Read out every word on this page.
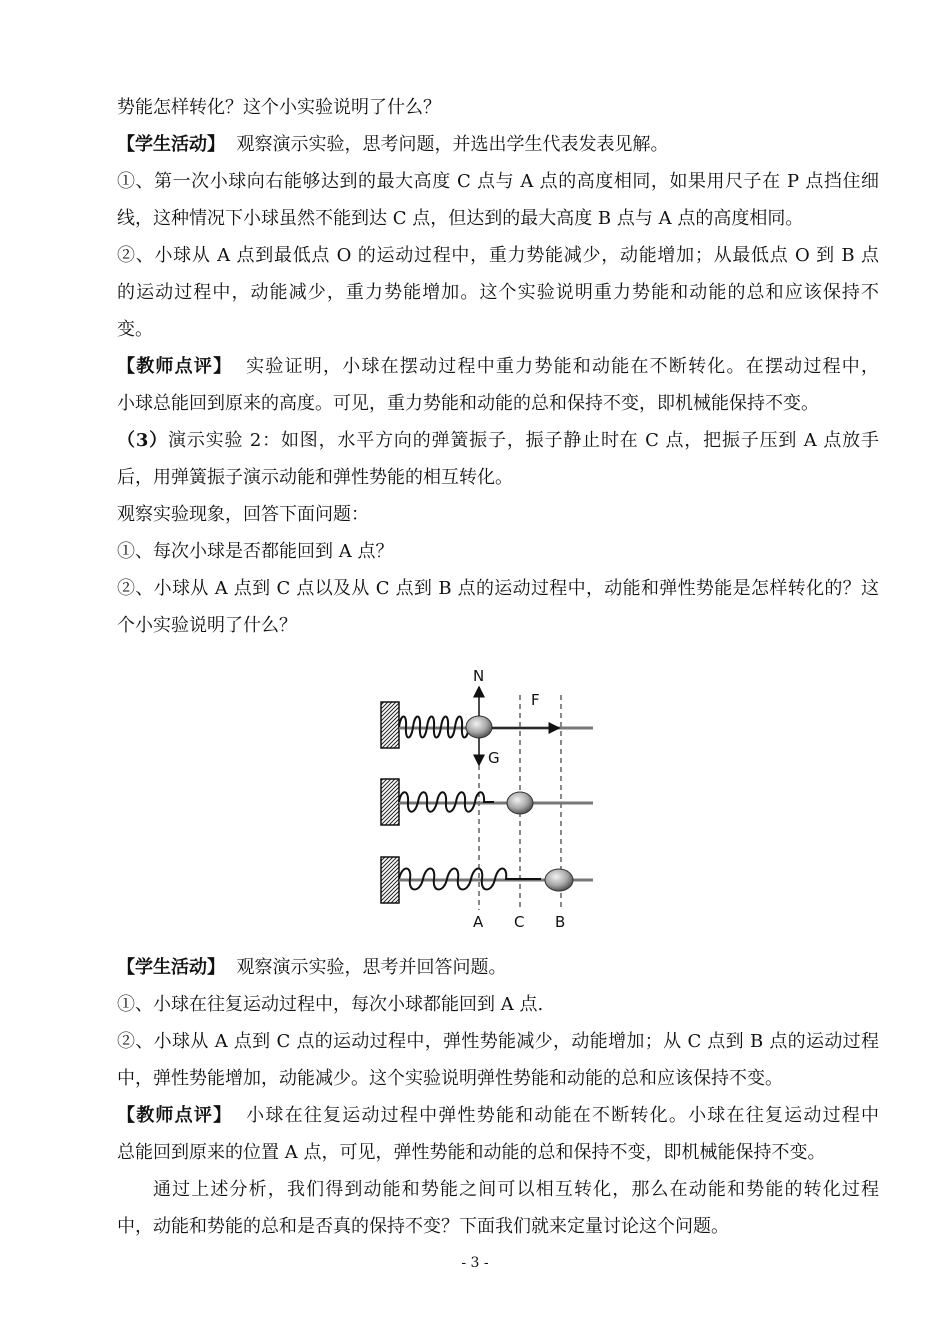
势能怎样转化？这个小实验说明了什么？
【学生活动】 观察演示实验，思考问题，并选出学生代表发表见解。
①、第一次小球向右能够达到的最大高度 C 点与 A 点的高度相同，如果用尺子在 P 点挡住细
线，这种情况下小球虽然不能到达 C 点，但达到的最大高度 B 点与 A 点的高度相同。
②、小球从 A 点到最低点 O 的运动过程中，重力势能减少，动能增加；从最低点 O 到 B 点
的运动过程中，动能减少，重力势能增加。这个实验说明重力势能和动能的总和应该保持不
变。
【教师点评】 实验证明，小球在摆动过程中重力势能和动能在不断转化。在摆动过程中，
小球总能回到原来的高度。可见，重力势能和动能的总和保持不变，即机械能保持不变。
（3）演示实验 2：如图，水平方向的弹簧振子，振子静止时在 C 点，把振子压到 A 点放手
后，用弹簧振子演示动能和弹性势能的相互转化。
观察实验现象，回答下面问题：
①、每次小球是否都能回到 A 点？
②、小球从 A 点到 C 点以及从 C 点到 B 点的运动过程中，动能和弹性势能是怎样转化的？这
个小实验说明了什么？
N
F
G
A C B
【学生活动】 观察演示实验，思考并回答问题。
①、小球在往复运动过程中，每次小球都能回到 A 点.
②、小球从 A 点到 C 点的运动过程中，弹性势能减少，动能增加；从 C 点到 B 点的运动过程
中，弹性势能增加，动能减少。这个实验说明弹性势能和动能的总和应该保持不变。
【教师点评】 小球在往复运动过程中弹性势能和动能在不断转化。小球在往复运动过程中
总能回到原来的位置 A 点，可见，弹性势能和动能的总和保持不变，即机械能保持不变。
通过上述分析，我们得到动能和势能之间可以相互转化，那么在动能和势能的转化过程
中，动能和势能的总和是否真的保持不变？下面我们就来定量讨论这个问题。
- 3 -
